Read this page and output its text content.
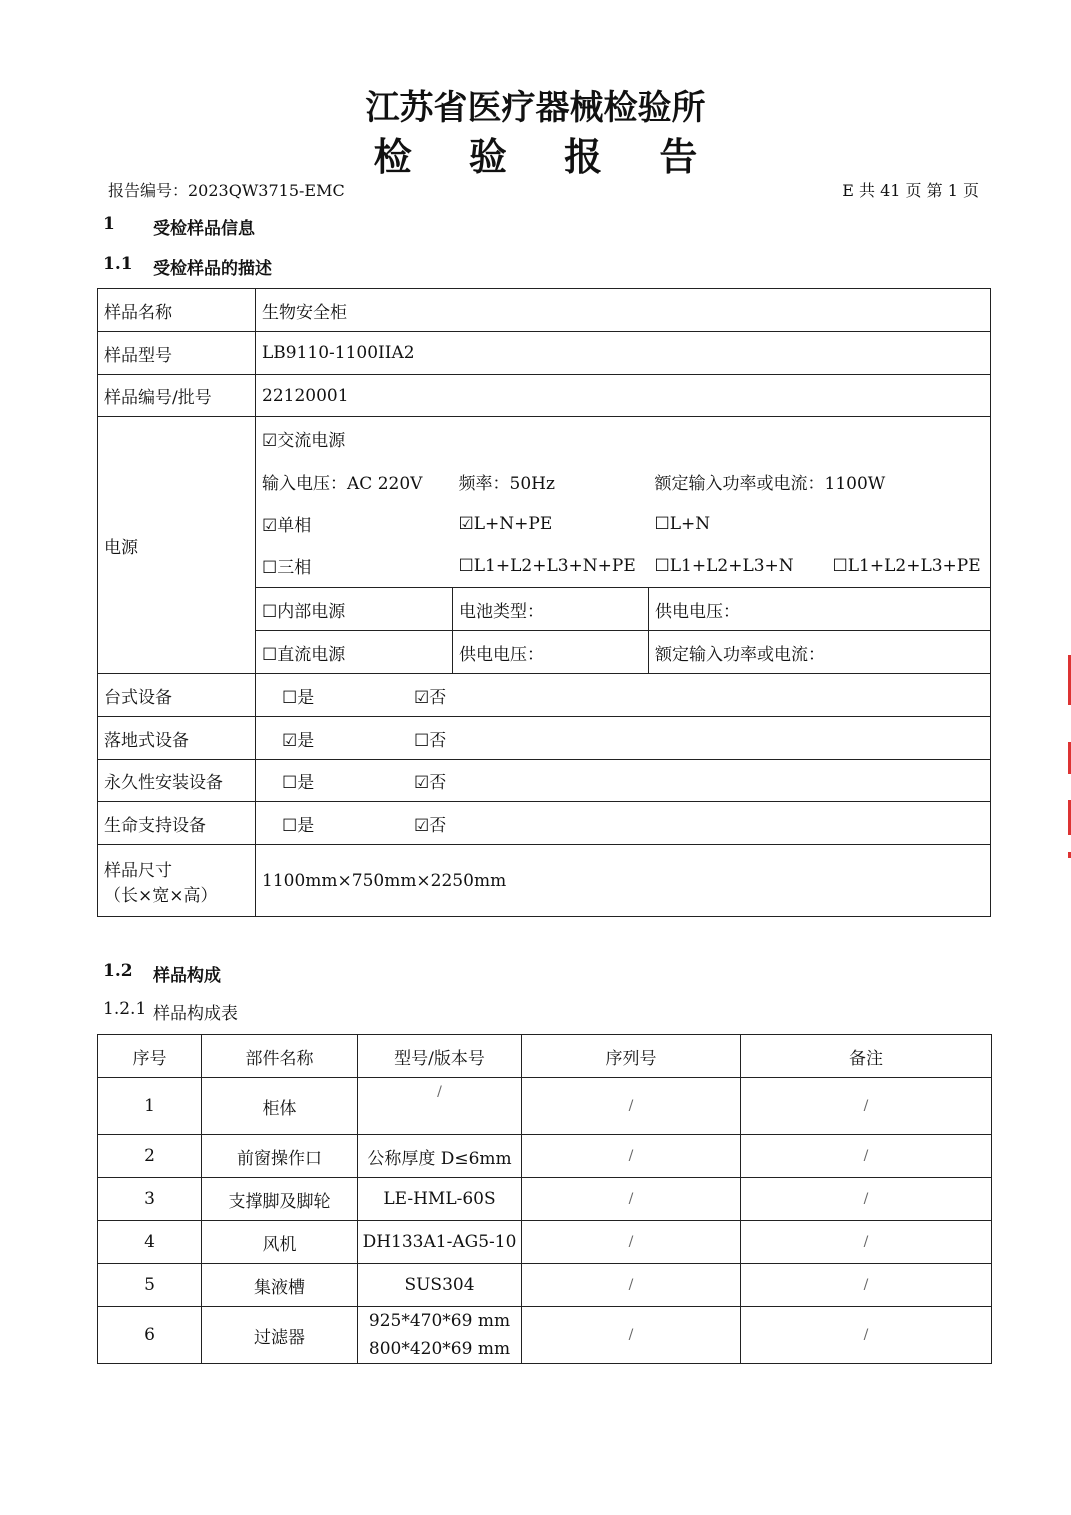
江苏省医疗器械检验所
检 验 报 告
报告编号：2023QW3715-EMC	E 共 41 页 第 1 页
1 受检样品信息
1.1 受检样品的描述
样品名称	生物安全柜			
样品型号	LB9110-1100IIA2			
样品编号/批号	22120001			
电源	☑交流电源			
	输入电压：AC 220V	频率：50Hz	额定输入功率或电流：1100W	
	☑单相	☑L+N+PE	☐L+N	
	☐三相	☐L1+L2+L3+N+PE	☐L1+L2+L3+N	☐L1+L2+L3+PE
	☐内部电源	电池类型：	供电电压：	
	☐直流电源	供电电压：	额定输入功率或电流：	
台式设备	☐是 ☑否			
落地式设备	☑是 ☐否			
永久性安装设备	☐是 ☑否			
生命支持设备	☐是 ☑否			

样品尺寸
（长×宽×高）	1100mm×750mm×2250mm			
1.2 样品构成
1.2.1 样品构成表
序号	部件名称	型号/版本号	序列号	备注
1	柜体	/	/	/
2	前窗操作口	公称厚度 D≤6mm	/	/
3	支撑脚及脚轮	LE-HML-60S	/	/
4	风机	DH133A1-AG5-10	/	/
5	集液槽	SUS304	/	/
6	过滤器	925*470*69 mm
800*420*69 mm	/	/
